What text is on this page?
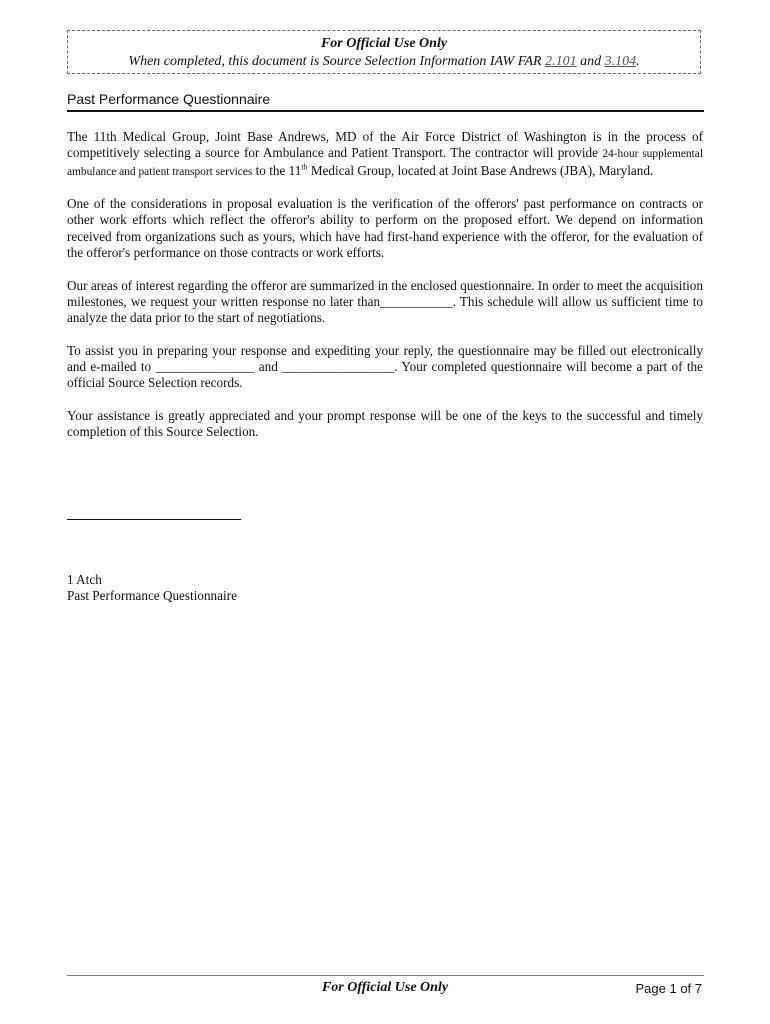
For Official Use Only
When completed, this document is Source Selection Information IAW FAR 2.101 and 3.104.
Past Performance Questionnaire

The 11th Medical Group, Joint Base Andrews, MD of the Air Force District of Washington is in the process of competitively selecting a source for Ambulance and Patient Transport. The contractor will provide 24-hour supplemental ambulance and patient transport services to the 11th Medical Group, located at Joint Base Andrews (JBA), Maryland.

One of the considerations in proposal evaluation is the verification of the offerors' past performance on contracts or other work efforts which reflect the offeror's ability to perform on the proposed effort. We depend on information received from organizations such as yours, which have had first-hand experience with the offeror, for the evaluation of the offeror's performance on those contracts or work efforts.

Our areas of interest regarding the offeror are summarized in the enclosed questionnaire. In order to meet the acquisition milestones, we request your written response no later than___________. This schedule will allow us sufficient time to analyze the data prior to the start of negotiations.

To assist you in preparing your response and expediting your reply, the questionnaire may be filled out electronically and e-mailed to _______________ and _________________. Your completed questionnaire will become a part of the official Source Selection records.

Your assistance is greatly appreciated and your prompt response will be one of the keys to the successful and timely completion of this Source Selection.

1 Atch
Past Performance Questionnaire
For Official Use Only	Page 1 of 7
